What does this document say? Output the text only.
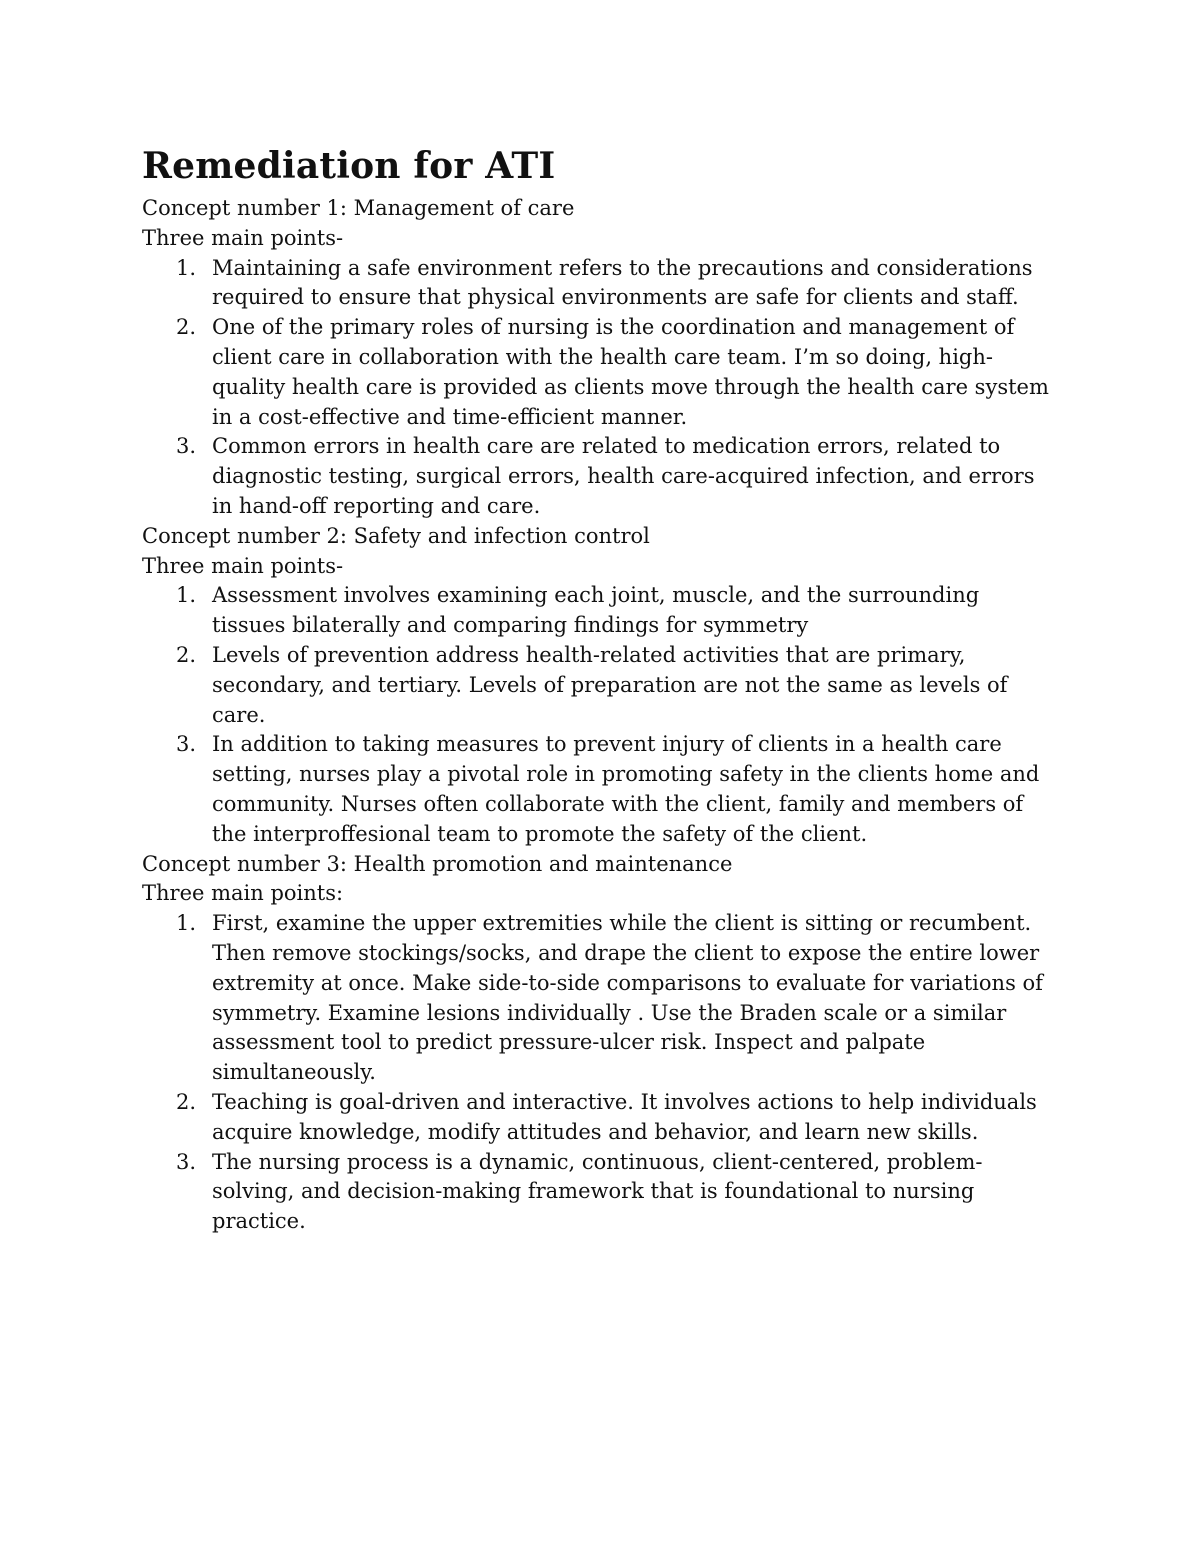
Remediation for ATI

Concept number 1: Management of care

Three main points-

1. Maintaining a safe environment refers to the precautions and considerations
required to ensure that physical environments are safe for clients and staff.
2. One of the primary roles of nursing is the coordination and management of
client care in collaboration with the health care team. I’m so doing, high-
quality health care is provided as clients move through the health care system
in a cost-effective and time-efficient manner.
3. Common errors in health care are related to medication errors, related to
diagnostic testing, surgical errors, health care-acquired infection, and errors
in hand-off reporting and care.

Concept number 2: Safety and infection control

Three main points-

1. Assessment involves examining each joint, muscle, and the surrounding
tissues bilaterally and comparing findings for symmetry
2. Levels of prevention address health-related activities that are primary,
secondary, and tertiary. Levels of preparation are not the same as levels of
care.
3. In addition to taking measures to prevent injury of clients in a health care
setting, nurses play a pivotal role in promoting safety in the clients home and
community. Nurses often collaborate with the client, family and members of
the interproffesional team to promote the safety of the client.

Concept number 3: Health promotion and maintenance

Three main points:

1. First, examine the upper extremities while the client is sitting or recumbent.
Then remove stockings/socks, and drape the client to expose the entire lower
extremity at once. Make side-to-side comparisons to evaluate for variations of
symmetry. Examine lesions individually . Use the Braden scale or a similar
assessment tool to predict pressure-ulcer risk. Inspect and palpate
simultaneously.
2. Teaching is goal-driven and interactive. It involves actions to help individuals
acquire knowledge, modify attitudes and behavior, and learn new skills.
3. The nursing process is a dynamic, continuous, client-centered, problem-
solving, and decision-making framework that is foundational to nursing
practice.
